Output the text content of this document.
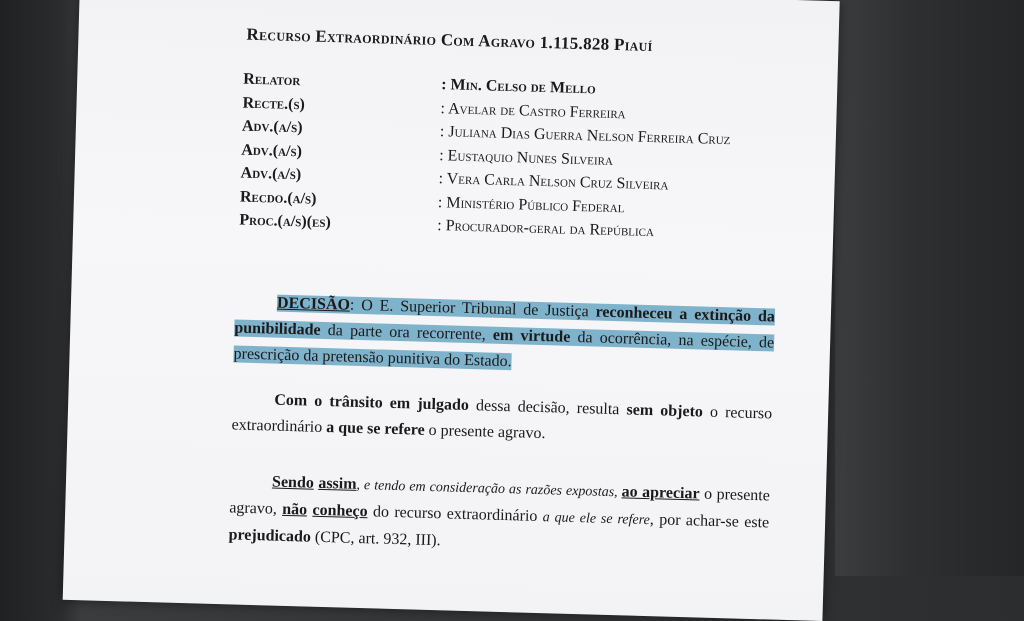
Recurso Extraordinário Com Agravo 1.115.828 Piauí
Relator	: Min. Celso de Mello
Recte.(s)	: Avelar de Castro Ferreira
Adv.(a/s)	: Juliana Dias Guerra Nelson Ferreira Cruz
Adv.(a/s)	: Eustaquio Nunes Silveira
Adv.(a/s)	: Vera Carla Nelson Cruz Silveira
Recdo.(a/s)	: Ministério Público Federal
Proc.(a/s)(es)	: Procurador-geral da República
DECISÃO: O E. Superior Tribunal de Justiça reconheceu a extinção da punibilidade da parte ora recorrente, em virtude da ocorrência, na espécie, de prescrição da pretensão punitiva do Estado.
Com o trânsito em julgado dessa decisão, resulta sem objeto o recurso extraordinário a que se refere o presente agravo.
Sendo assim, e tendo em consideração as razões expostas, ao apreciar o presente agravo, não conheço do recurso extraordinário a que ele se refere, por achar-se este prejudicado (CPC, art. 932, III).
